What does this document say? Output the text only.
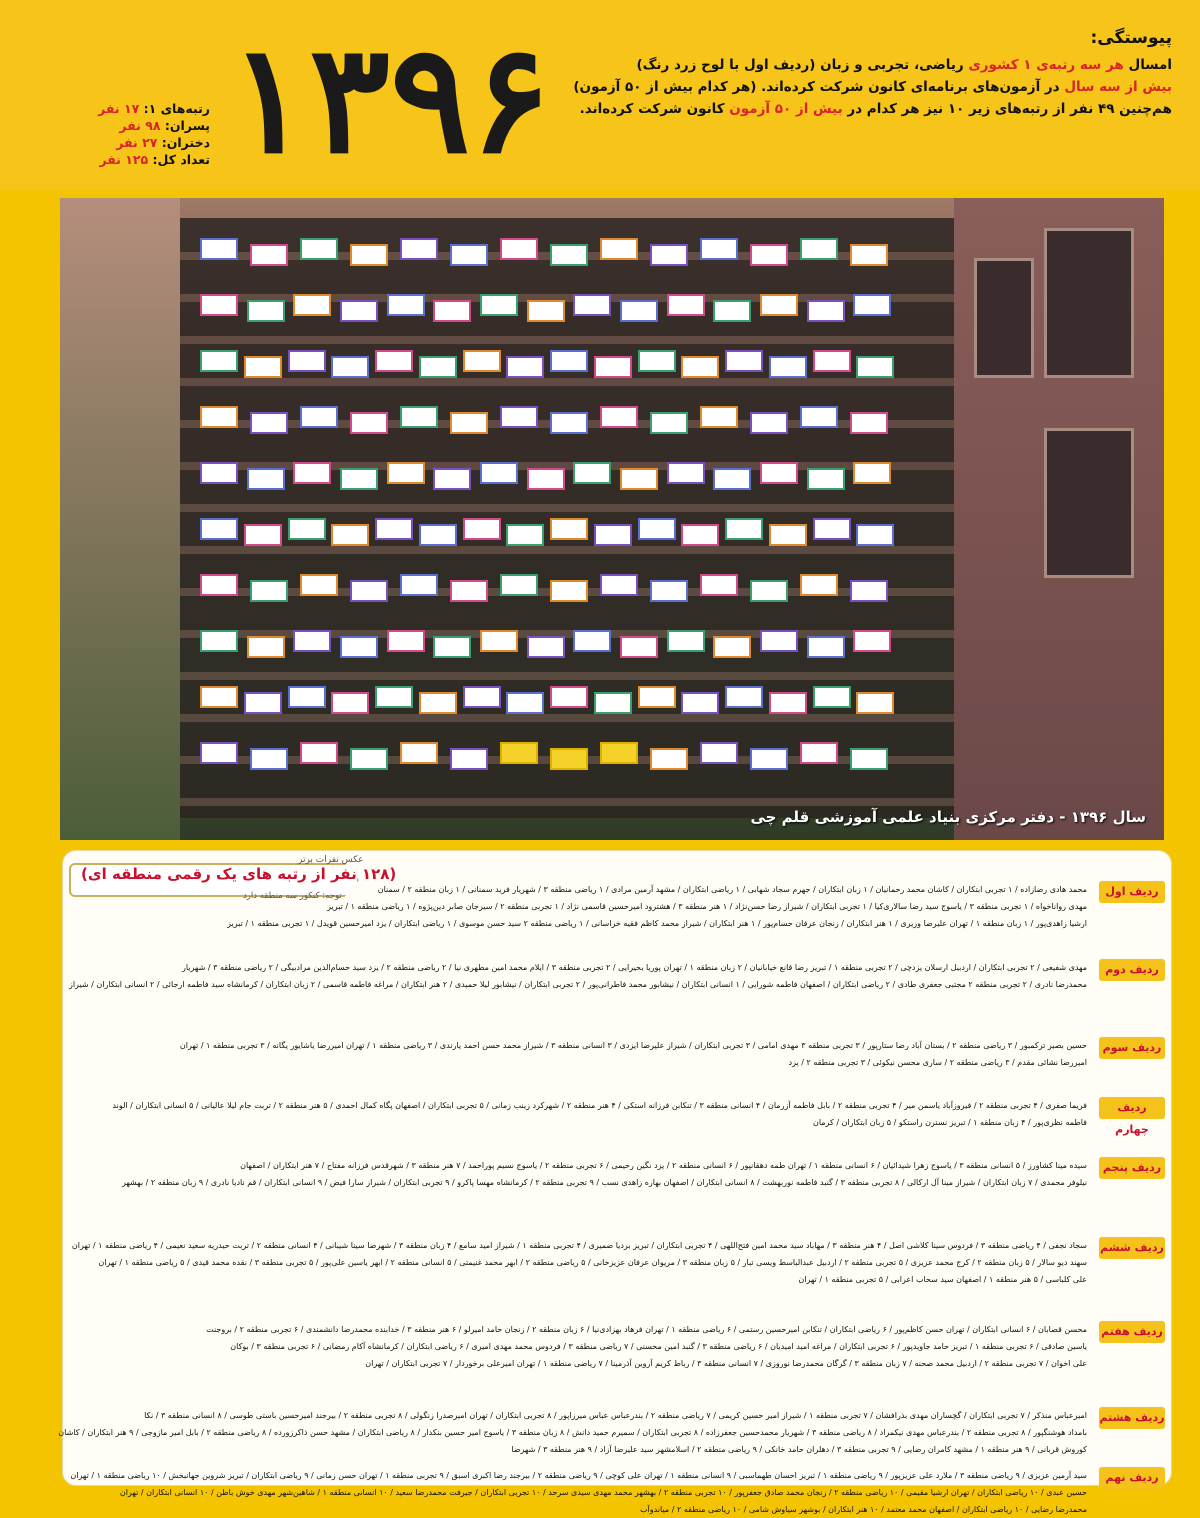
پیوستگی:
امسال هر سه رتبه‌ی ۱ کشوری ریاضی، تجربی و زبان (ردیف اول با لوح زرد رنگ)
بیش از سه سال در آزمون‌های برنامه‌ای کانون شرکت کرده‌اند. (هر کدام بیش از ۵۰ آزمون)
هم‌چنین ۴۹ نفر از رتبه‌های زیر ۱۰ نیز هر کدام در بیش از ۵۰ آزمون کانون شرکت کرده‌اند.
۱۳۹۶
رتبه‌های ۱: ۱۷ نفر
پسران: ۹۸ نفر
دختران: ۲۷ نفر
تعداد کل: ۱۲۵ نفر
سال ۱۳۹۶ - دفتر مرکزی بنیاد علمی آموزشی قلم چی
عکس نفرات برتر
(۱۲۸ نفر از رتبه های یک رقمی منطقه ای)
توجه: کنکور سه منطقه دارد	ردیف اول
محمد هادی رضازاده / ۱ تجربی ابتکاران / کاشان محمد رحمانیان / ۱ زبان ابتکاران / جهرم سجاد شهابی / ۱ ریاضی ابتکاران / مشهد آرمین مرادی / ۱ ریاضی منطقه ۳ / شهریار فرید سمنانی / ۱ زبان منطقه ۲ / سمنان
مهدی رواناخواه / ۱ تجربی منطقه ۳ / یاسوج سید رضا سالاری‌کیا / ۱ تجربی ابتکاران / شیراز رضا حسن‌نژاد / ۱ هنر منطقه ۳ / هشترود امیرحسین قاسمی نژاد / ۱ تجربی منطقه ۲ / سیرجان صابر دین‌پژوه / ۱ ریاضی منطقه ۱ / تبریز
ارشیا زاهدی‌پور / ۱ زبان منطقه ۱ / تهران علیرضا وزیری / ۱ هنر ابتکاران / زنجان عرفان حسام‌پور / ۱ هنر ابتکاران / شیراز محمد کاظم فقیه خراسانی / ۱ ریاضی منطقه ۲ سید حسن موسوی / ۱ ریاضی ابتکاران / یزد امیرحسین قویدل / ۱ تجربی منطقه ۱ / تبریز
ردیف دوم
مهدی شفیعی / ۲ تجربی ابتکاران / اردبیل ارسلان یزدچی / ۲ تجربی منطقه ۱ / تبریز رضا قانع خیابانیان / ۲ زبان منطقه ۱ / تهران پوریا بحیرایی / ۲ تجربی منطقه ۳ / ایلام محمد امین مطهری نیا / ۲ ریاضی منطقه ۲ / یزد سید حسام‌الدین مرادبیگی / ۲ ریاضی منطقه ۳ / شهریار
محمدرضا نادری / ۲ تجربی منطقه ۲ مجتبی جعفری طادی / ۲ ریاضی ابتکاران / اصفهان فاطمه شورابی / ۱ انسانی ابتکاران / نیشابور محمد فاطرانی‌پور / ۲ تجربی ابتکاران / نیشابور لیلا حمیدی / ۲ هنر ابتکاران / مراغه فاطمه قاسمی / ۲ زبان ابتکاران / کرمانشاه سید فاطمه ارجائی / ۲ انسانی ابتکاران / شیراز
ردیف سوم
حسین بصیر ترکمبور / ۳ ریاضی منطقه ۲ / بستان آباد رضا ستارپور / ۳ تجربی منطقه ۳ مهدی امامی / ۳ تجربی ابتکاران / شیراز علیرضا ایزدی / ۳ انسانی منطقه ۳ / شیراز محمد حسن احمد یارندی / ۳ ریاضی منطقه ۱ / تهران امیررضا یاشایور یگانه / ۳ تجربی منطقه ۱ / تهران
امیررضا نشائی مقدم / ۳ ریاضی منطقه ۲ / ساری محسن نیکوئی / ۳ تجربی منطقه ۲ / یزد
ردیف چهارم
فریما صفری / ۴ تجربی منطقه ۲ / فیروزآباد یاسمن میر / ۴ تجربی منطقه ۲ / بابل فاطمه آزرمان / ۴ انسانی منطقه ۳ / تنکابن فرزانه استکی / ۴ هنر منطقه ۲ / شهرکرد زینب زمانی / ۵ تجربی ابتکاران / اصفهان پگاه کمال احمدی / ۵ هنر منطقه ۲ / تربت جام لیلا عالیانی / ۵ انسانی ابتکاران / الوند
فاطمه نظری‌پور / ۴ زبان منطقه ۱ / تبریز نسترن راستکو / ۵ زبان ابتکاران / کرمان
ردیف پنجم
سیده مینا کشاورز / ۵ انسانی منطقه ۳ / یاسوج زهرا شیدائیان / ۶ انسانی منطقه ۱ / تهران طمه دهقانپور / ۶ انسانی منطقه ۲ / یزد نگین رحیمی / ۶ تجربی منطقه ۲ / یاسوج نسیم پوراحمد / ۷ هنر منطقه ۳ / شهرقدس فرزانه مفتاح / ۷ هنر ابتکاران / اصفهان
نیلوفر محمدی / ۷ زبان ابتکاران / شیراز مینا آل ارکالی / ۸ تجربی منطقه ۳ / گنبد فاطمه نوربهشت / ۸ انسانی ابتکاران / اصفهان بهاره زاهدی نسب / ۹ تجربی منطقه ۲ / کرمانشاه مهسا پاکرو / ۹ تجربی ابتکاران / شیراز سارا فیض / ۹ انسانی ابتکاران / قم نادیا نادری / ۹ زبان منطقه ۲ / بهشهر
ردیف ششم
سجاد نجفی / ۴ ریاضی منطقه ۳ / فردوس سینا کلاشی اصل / ۴ هنر منطقه ۳ / مهاباد سید محمد امین فتح‌اللهی / ۴ تجربی ابتکاران / تبریز بردیا ضمیری / ۴ تجربی منطقه ۱ / شیراز امید سامع / ۴ زبان منطقه ۳ / شهرضا سینا شیبانی / ۴ انسانی منطقه ۲ / تربت حیدریه سعید نعیمی / ۴ ریاضی منطقه ۱ / تهران
سهند دیو سالار / ۵ زبان منطقه ۲ / کرج محمد عزیزی / ۵ تجربی منطقه ۲ / اردبیل عبدالباسط ویسی تبار / ۵ زبان منطقه ۳ / مریوان عرفان عزیزخانی / ۵ ریاضی منطقه ۲ / ابهر محمد غنیمتی / ۵ انسانی منطقه ۲ / ابهر یاسین علی‌پور / ۵ تجربی منطقه ۳ / نقده محمد قیدی / ۵ ریاضی منطقه ۱ / تهران
علی کلباسی / ۵ هنر منطقه ۱ / اصفهان سید سحاب اعرابی / ۵ تجربی منطقه ۱ / تهران
ردیف هفتم
محسن قصابان / ۶ انسانی ابتکاران / تهران حسن کاظم‌پور / ۶ ریاضی ابتکاران / تنکابن امیرحسین رستمی / ۶ ریاضی منطقه ۱ / تهران فرهاد بهزادی‌نیا / ۶ زبان منطقه ۲ / زنجان حامد امیرلو / ۶ هنر منطقه ۳ / خدابنده محمدرضا دانشمندی / ۶ تجربی منطقه ۲ / بروجنت
یاسین صادقی / ۶ تجربی منطقه ۱ / تبریز حامد جاویدپور / ۶ تجربی ابتکاران / مراغه امید امیدیان / ۶ ریاضی منطقه ۳ / گنبد امین محسنی / ۷ ریاضی منطقه ۳ / فردوس محمد مهدی امیری / ۶ ریاضی ابتکاران / کرمانشاه آکام رمضانی / ۶ تجربی منطقه ۳ / بوکان
علی اخوان / ۷ تجربی منطقه ۲ / اردبیل محمد صحنه / ۷ زبان منطقه ۳ / گرگان محمدرضا نوروزی / ۷ انسانی منطقه ۳ / رباط کریم آروین آذرمینا / ۷ ریاضی منطقه ۱ / تهران امیرعلی برخوردار / ۷ تجربی ابتکاران / تهران
ردیف هشتم
امیرعباس منذکر / ۷ تجربی ابتکاران / گچساران مهدی بذرافشان / ۷ تجربی منطقه ۱ / شیراز امیر حسین کریمی / ۷ ریاضی منطقه ۲ / بندرعباس عباس میرزاپور / ۸ تجربی ابتکاران / تهران امیرصدرا زنگولی / ۸ تجربی منطقه ۲ / بیرجند امیرحسین باستی طوسی / ۸ انسانی منطقه ۳ / نکا
بامداد هوشنگپور / ۸ تجربی منطقه ۲ / بندرعباس مهدی نیکمراد / ۸ ریاضی منطقه ۳ / شهریار محمدحسین جعفرزاده / ۸ تجربی ابتکاران / سمیرم حمید دانش / ۸ زبان منطقه ۳ / یاسوج امیر حسین بنکدار / ۸ ریاضی ابتکاران / مشهد حسن ذاکرزورده / ۸ ریاضی منطقه ۲ / بابل امیر مازوجی / ۹ هنر ابتکاران / کاشان
کوروش قربانی / ۹ هنر منطقه ۱ / مشهد کامران رضایی / ۹ تجربی منطقه ۳ / دهلران حامد خانکی / ۹ ریاضی منطقه ۲ / اسلامشهر سید علیرضا آزاد / ۹ هنر منطقه ۳ / شهرضا
ردیف نهم
سید آرمین عزیزی / ۹ ریاضی منطقه ۳ / ملارد علی عزیزپور / ۹ ریاضی منطقه ۱ / تبریز احسان طهماسبی / ۹ انسانی منطقه ۱ / تهران علی کوچی / ۹ ریاضی منطقه ۲ / بیرجند رضا اکبری اسبق / ۹ تجربی منطقه ۱ / تهران حسن زمانی / ۹ ریاضی ابتکاران / تبریز شروین جهانبخش / ۱۰ ریاضی منطقه ۱ / تهران
حسین عبدی / ۱۰ ریاضی ابتکاران / تهران ارشیا مقیمی / ۱۰ ریاضی منطقه ۲ / زنجان محمد صادق جعفرپور / ۱۰ تجربی منطقه ۲ / بهشهر محمد مهدی سیدی سرحد / ۱۰ تجربی ابتکاران / جیرفت محمدرضا سعید / ۱۰ انسانی منطقه ۱ / شاهین‌شهر مهدی خوش باطن / ۱۰ انسانی ابتکاران / تهران
محمدرضا رضایی / ۱۰ ریاضی ابتکاران / اصفهان محمد معتمد / ۱۰ هنر ابتکاران / بوشهر سیاوش شامی / ۱۰ ریاضی منطقه ۲ / میاندوآب
